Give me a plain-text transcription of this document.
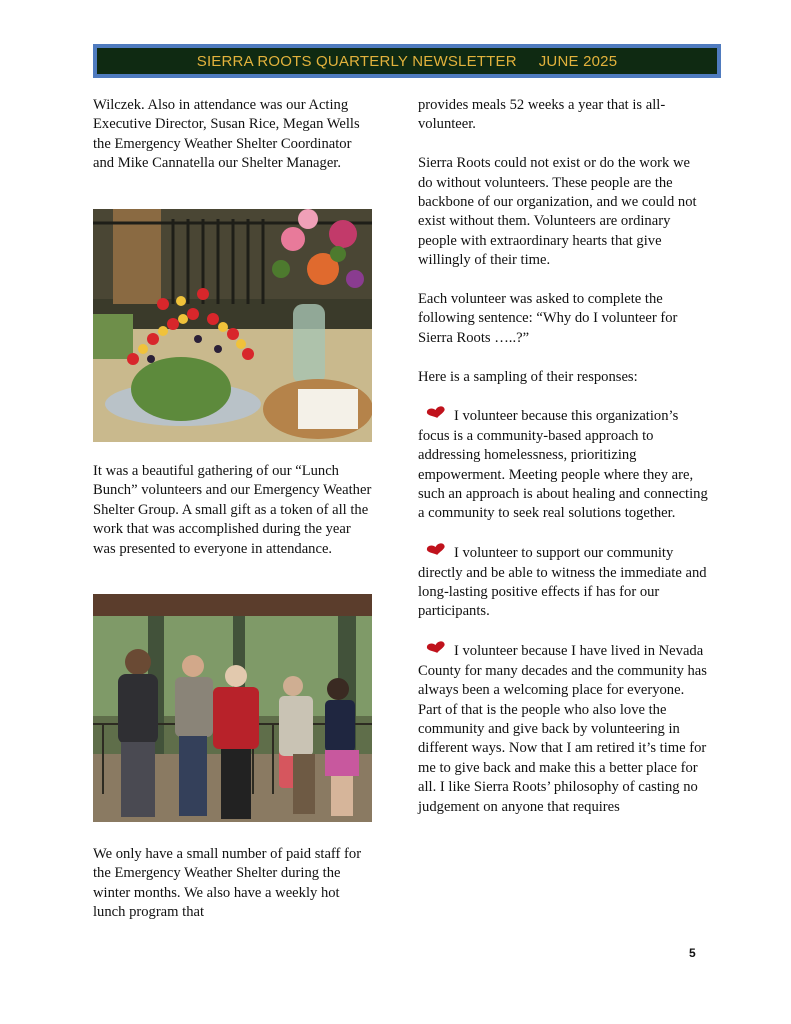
SIERRA ROOTS QUARTERLY NEWSLETTER JUNE 2025

Wilczek. Also in attendance was our Acting Executive Director, Susan Rice, Megan Wells the Emergency Weather Shelter Coordinator and Mike Cannatella our Shelter Manager.

It was a beautiful gathering of our “Lunch Bunch” volunteers and our Emergency Weather Shelter Group. A small gift as a token of all the work that was accomplished during the year was presented to everyone in attendance.

We only have a small number of paid staff for the Emergency Weather Shelter during the winter months. We also have a weekly hot lunch program that

provides meals 52 weeks a year that is all-volunteer.

Sierra Roots could not exist or do the work we do without volunteers. These people are the backbone of our organization, and we could not exist without them. Volunteers are ordinary people with extraordinary hearts that give willingly of their time.

Each volunteer was asked to complete the following sentence: “Why do I volunteer for Sierra Roots …..?”

Here is a sampling of their responses:

I volunteer because this organization’s focus is a community-based approach to addressing homelessness, prioritizing empowerment. Meeting people where they are, such an approach is about healing and connecting a community to seek real solutions together.

I volunteer to support our community directly and be able to witness the immediate and long-lasting positive effects if has for our participants.

I volunteer because I have lived in Nevada County for many decades and the community has always been a welcoming place for everyone. Part of that is the people who also love the community and give back by volunteering in different ways. Now that I am retired it’s time for me to give back and make this a better place for all. I like Sierra Roots’ philosophy of casting no judgement on anyone that requires

5
